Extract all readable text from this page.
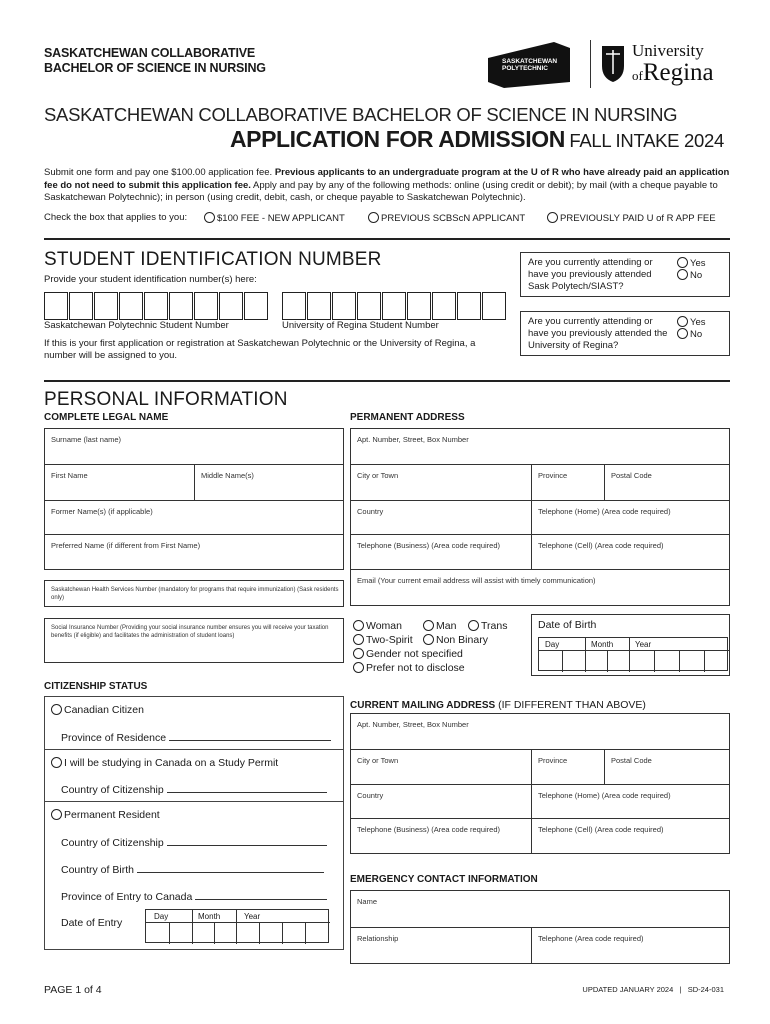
SASKATCHEWAN COLLABORATIVE
BACHELOR OF SCIENCE IN NURSING	SASKATCHEWAN
POLYTECHNIC
University
ofRegina
SASKATCHEWAN COLLABORATIVE BACHELOR OF SCIENCE IN NURSING
APPLICATION FOR ADMISSION FALL INTAKE 2024
Submit one form and pay one $100.00 application fee. Previous applicants to an undergraduate program at the U of R who have already paid an application fee do not need to submit this application fee. Apply and pay by any of the following methods: online (using credit or debit); by mail (with a cheque payable to Saskatchewan Polytechnic); in person (using credit, debit, cash, or cheque payable to Saskatchewan Polytechnic).
Check the box that applies to you:	$100 FEE - NEW APPLICANT	PREVIOUS SCBScN APPLICANT	PREVIOUSLY PAID U of R APP FEE
STUDENT IDENTIFICATION NUMBER
Provide your student identification number(s) here:
Saskatchewan Polytechnic Student Number	University of Regina Student Number
If this is your first application or registration at Saskatchewan Polytechnic or the University of Regina, a number will be assigned to you.
Are you currently attending or have you previously attended Sask Polytech/SIAST?
Yes
No
Are you currently attending or have you previously attended the University of Regina?
Yes
No
PERSONAL INFORMATION
COMPLETE LEGAL NAME	PERMANENT ADDRESS
Surname (last name)
First Name	Middle Name(s)
Former Name(s) (if applicable)
Preferred Name (if different from First Name)
Saskatchewan Health Services Number (mandatory for programs that require immunization) (Sask residents only)
Social Insurance Number (Providing your social insurance number ensures you will receive your taxation benefits (if eligible) and facilitates the administration of student loans)
Apt. Number, Street, Box Number
City or Town	Province	Postal Code
Country	Telephone (Home) (Area code required)
Telephone (Business) (Area code required)	Telephone (Cell) (Area code required)
Email (Your current email address will assist with timely communication)
Woman	Man	Trans
Two-Spirit	Non Binary
Gender not specified
Prefer not to disclose
Date of Birth
Day	Month	Year
CITIZENSHIP STATUS
Canadian Citizen
Province of Residence
I will be studying in Canada on a Study Permit
Country of Citizenship
Permanent Resident
Country of Citizenship
Country of Birth
Province of Entry to Canada
Date of Entry
Day	Month	Year
CURRENT MAILING ADDRESS (IF DIFFERENT THAN ABOVE)
Apt. Number, Street, Box Number
City or Town	Province	Postal Code
Country	Telephone (Home) (Area code required)
Telephone (Business) (Area code required)	Telephone (Cell) (Area code required)
EMERGENCY CONTACT INFORMATION
Name
Relationship	Telephone (Area code required)
PAGE 1 of 4	UPDATED JANUARY 2024   |   SD-24-031
